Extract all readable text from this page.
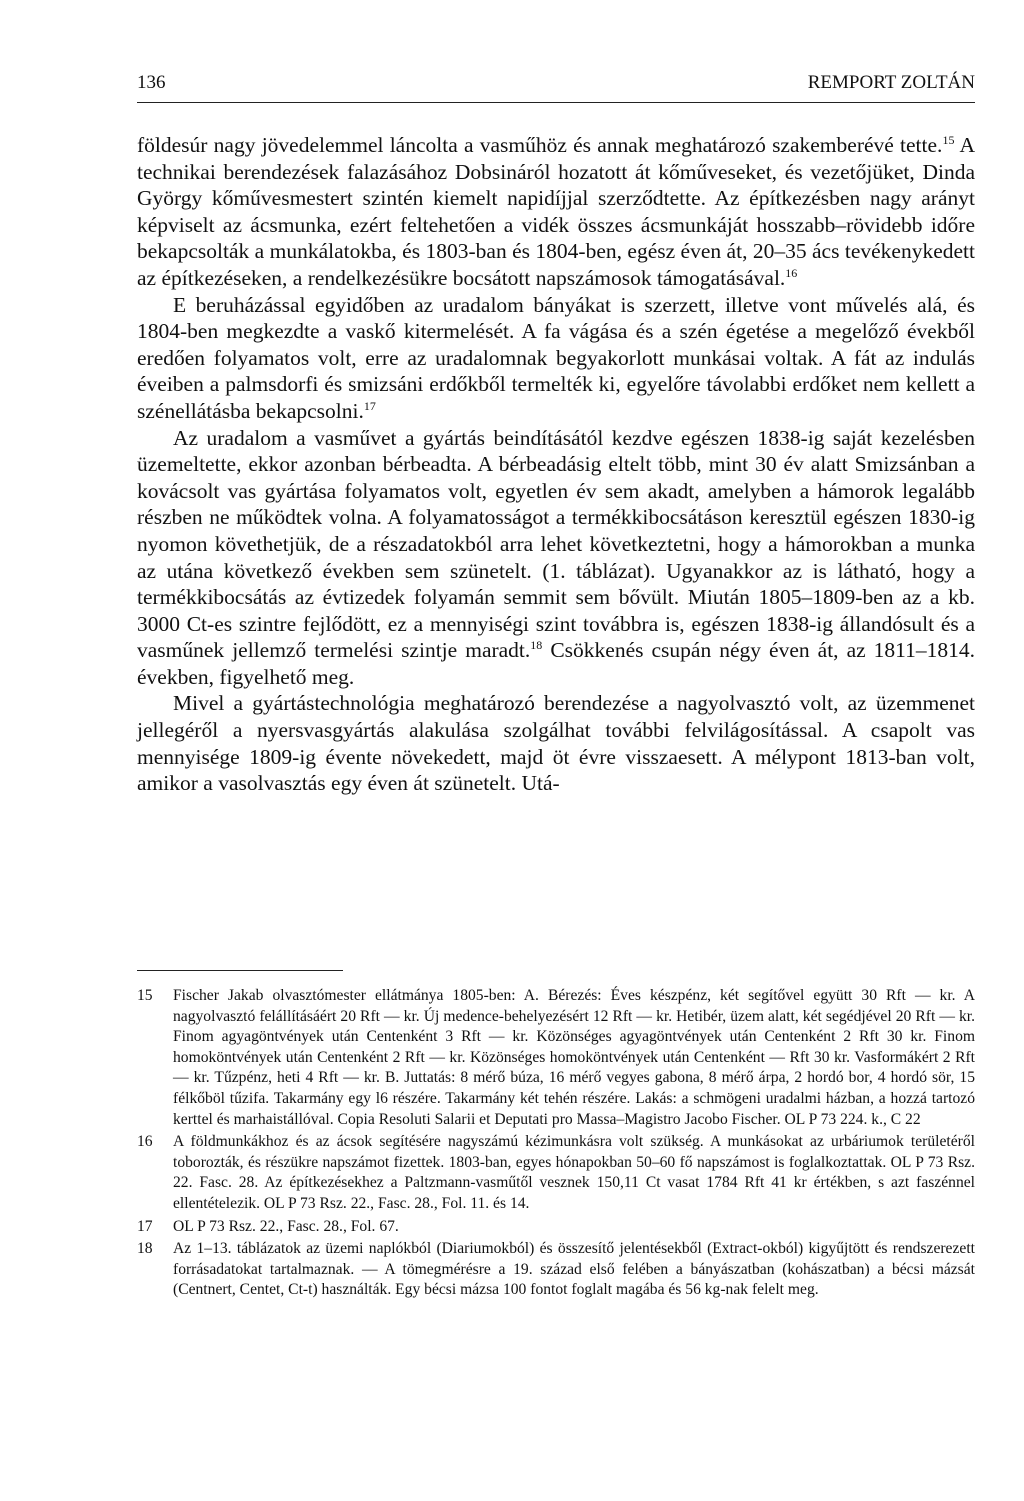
136	REMPORT ZOLTÁN

földesúr nagy jövedelemmel láncolta a vasműhöz és annak meghatározó szakemberévé tette.$^{15}$ A technikai berendezések falazásához Dobsináról hozatott át kőműveseket, és vezetőjüket, Dinda György kőművesmestert szintén kiemelt napidíjjal szerződtette. Az építkezésben nagy arányt képviselt az ácsmunka, ezért feltehetően a vidék összes ácsmunkáját hosszabb–rövidebb időre bekapcsolták a munkálatokba, és 1803-ban és 1804-ben, egész éven át, 20–35 ács tevékenykedett az építkezéseken, a rendelkezésükre bocsátott napszámosok támogatásával.$^{16}$

E beruházással egyidőben az uradalom bányákat is szerzett, illetve vont művelés alá, és 1804-ben megkezdte a vaskő kitermelését. A fa vágása és a szén égetése a megelőző évekből eredően folyamatos volt, erre az uradalomnak begyakorlott munkásai voltak. A fát az indulás éveiben a palmsdorfi és smizsáni erdőkből termelték ki, egyelőre távolabbi erdőket nem kellett a szénellátásba bekapcsolni.$^{17}$

Az uradalom a vasművet a gyártás beindításától kezdve egészen 1838-ig saját kezelésben üzemeltette, ekkor azonban bérbeadta. A bérbeadásig eltelt több, mint 30 év alatt Smizsánban a kovácsolt vas gyártása folyamatos volt, egyetlen év sem akadt, amelyben a hámorok legalább részben ne működtek volna. A folyamatosságot a termékkibocsátáson keresztül egészen 1830-ig nyomon követhetjük, de a részadatokból arra lehet következtetni, hogy a hámorokban a munka az utána következő években sem szünetelt. (1. táblázat). Ugyanakkor az is látható, hogy a termékkibocsátás az évtizedek folyamán semmit sem bővült. Miután 1805–1809-ben az a kb. 3000 Ct-es szintre fejlődött, ez a mennyiségi szint továbbra is, egészen 1838-ig állandósult és a vasműnek jellemző termelési szintje maradt.$^{18}$ Csökkenés csupán négy éven át, az 1811–1814. években, figyelhető meg.

Mivel a gyártástechnológia meghatározó berendezése a nagyolvasztó volt, az üzemmenet jellegéről a nyersvasgyártás alakulása szolgálhat további felvilágosítással. A csapolt vas mennyisége 1809-ig évente növekedett, majd öt évre visszaesett. A mélypont 1813-ban volt, amikor a vasolvasztás egy éven át szünetelt. Utá-

15	Fischer Jakab olvasztómester ellátmánya 1805-ben: A. Bérezés: Éves készpénz, két segítővel együtt 30 Rft — kr. A nagyolvasztó felállításáért 20 Rft — kr. Új medence-behelyezésért 12 Rft — kr. Hetibér, üzem alatt, két segédjével 20 Rft — kr. Finom agyagöntvények után Centenként 3 Rft — kr. Közönséges agyagöntvények után Centenként 2 Rft 30 kr. Finom homoköntvények után Centenként 2 Rft — kr. Közönséges homoköntvények után Centenként — Rft 30 kr. Vasformákért 2 Rft — kr. Tűzpénz, heti 4 Rft — kr. B. Juttatás: 8 mérő búza, 16 mérő vegyes gabona, 8 mérő árpa, 2 hordó bor, 4 hordó sör, 15 félkőböl tűzifa. Takarmány egy l6 részére. Takarmány két tehén részére. Lakás: a schmögeni uradalmi házban, a hozzá tartozó kerttel és marhaistállóval. Copia Resoluti Salarii et Deputati pro Massa–Magistro Jacobo Fischer. OL P 73 224. k., C 22
16	A földmunkákhoz és az ácsok segítésére nagyszámú kézimunkásra volt szükség. A munkásokat az urbáriumok területéről toborozták, és részükre napszámot fizettek. 1803-ban, egyes hónapokban 50–60 fő napszámost is foglalkoztattak. OL P 73 Rsz. 22. Fasc. 28. Az építkezésekhez a Paltzmann-vasműtől vesznek 150,11 Ct vasat 1784 Rft 41 kr értékben, s azt faszénnel ellentételezik. OL P 73 Rsz. 22., Fasc. 28., Fol. 11. és 14.
17	OL P 73 Rsz. 22., Fasc. 28., Fol. 67.
18	Az 1–13. táblázatok az üzemi naplókból (Diariumokból) és összesítő jelentésekből (Extract-okból) kigyűjtött és rendszerezett forrásadatokat tartalmaznak. — A tömegmérésre a 19. század első felében a bányászatban (kohászatban) a bécsi mázsát (Centnert, Centet, Ct-t) használták. Egy bécsi mázsa 100 fontot foglalt magába és 56 kg-nak felelt meg.
